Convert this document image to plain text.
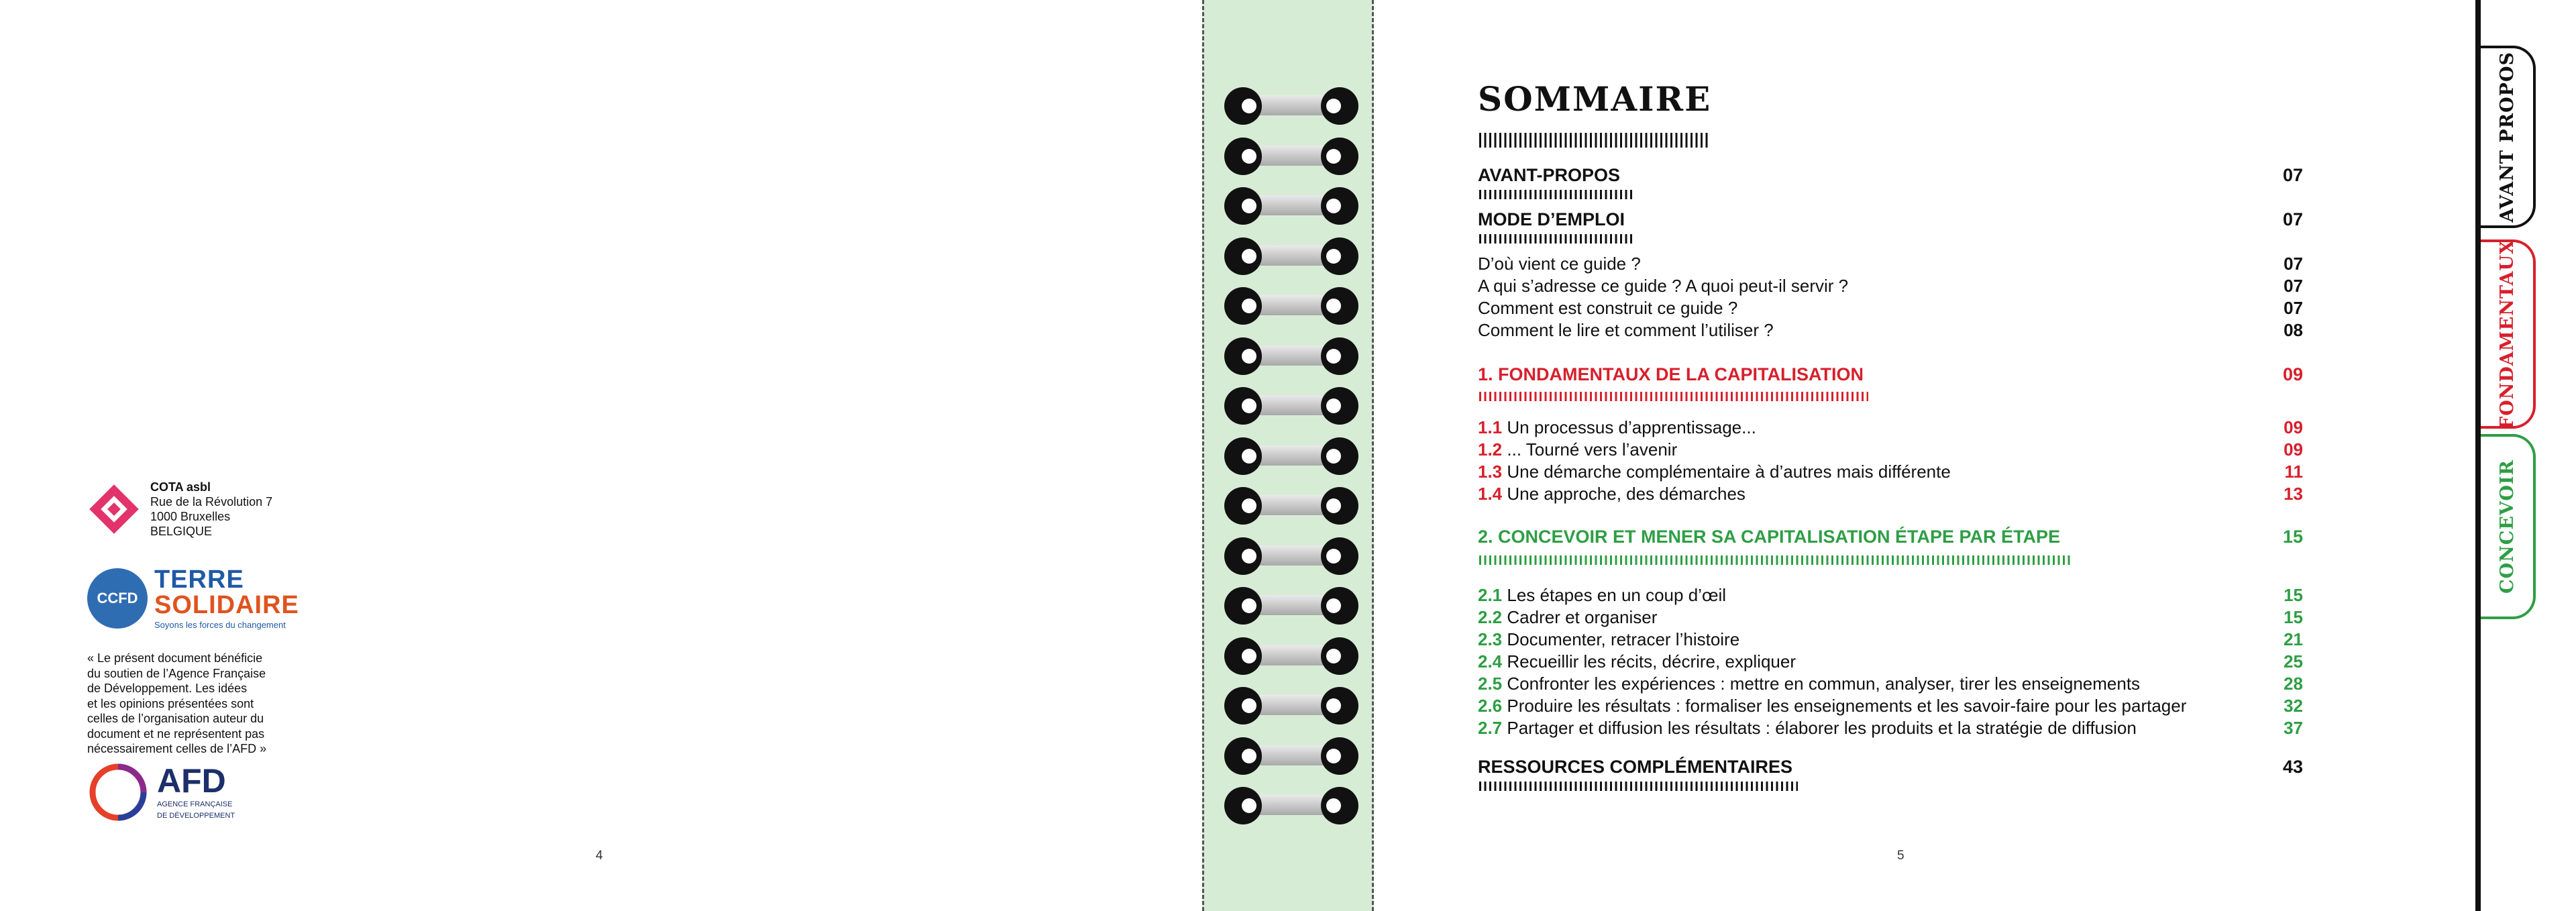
COTA asbl
Rue de la Révolution 7
1000 Bruxelles
BELGIQUE
CCFD
TERRE
SOLIDAIRE
Soyons les forces du changement
« Le présent document bénéficie
du soutien de l’Agence Française
de Développement. Les idées
et les opinions présentées sont
celles de l’organisation auteur du
document et ne représentent pas
nécessairement celles de l’AFD »
AFD
AGENCE FRANÇAISE
DE DÉVELOPPEMENT
4
SOMMAIRE
AVANT-PROPOS	07
MODE D’EMPLOI	07
D’où vient ce guide ?	07
A qui s’adresse ce guide ? A quoi peut-il servir ?	07
Comment est construit ce guide ?	07
Comment le lire et comment l’utiliser ?	08
1. FONDAMENTAUX DE LA CAPITALISATION	09
1.1 Un processus d’apprentissage...	09
1.2 ... Tourné vers l’avenir	09
1.3 Une démarche complémentaire à d’autres mais différente	11
1.4 Une approche, des démarches	13
2. CONCEVOIR ET MENER SA CAPITALISATION ÉTAPE PAR ÉTAPE	15
2.1 Les étapes en un coup d’œil	15
2.2 Cadrer et organiser	15
2.3 Documenter, retracer l’histoire	21
2.4 Recueillir les récits, décrire, expliquer	25
2.5 Confronter les expériences : mettre en commun, analyser, tirer les enseignements	28
2.6 Produire les résultats : formaliser les enseignements et les savoir-faire pour les partager	32
2.7 Partager et diffusion les résultats : élaborer les produits et la stratégie de diffusion	37
RESSOURCES COMPLÉMENTAIRES	43
5
AVANT PROPOS
FONDAMENTAUX
CONCEVOIR
